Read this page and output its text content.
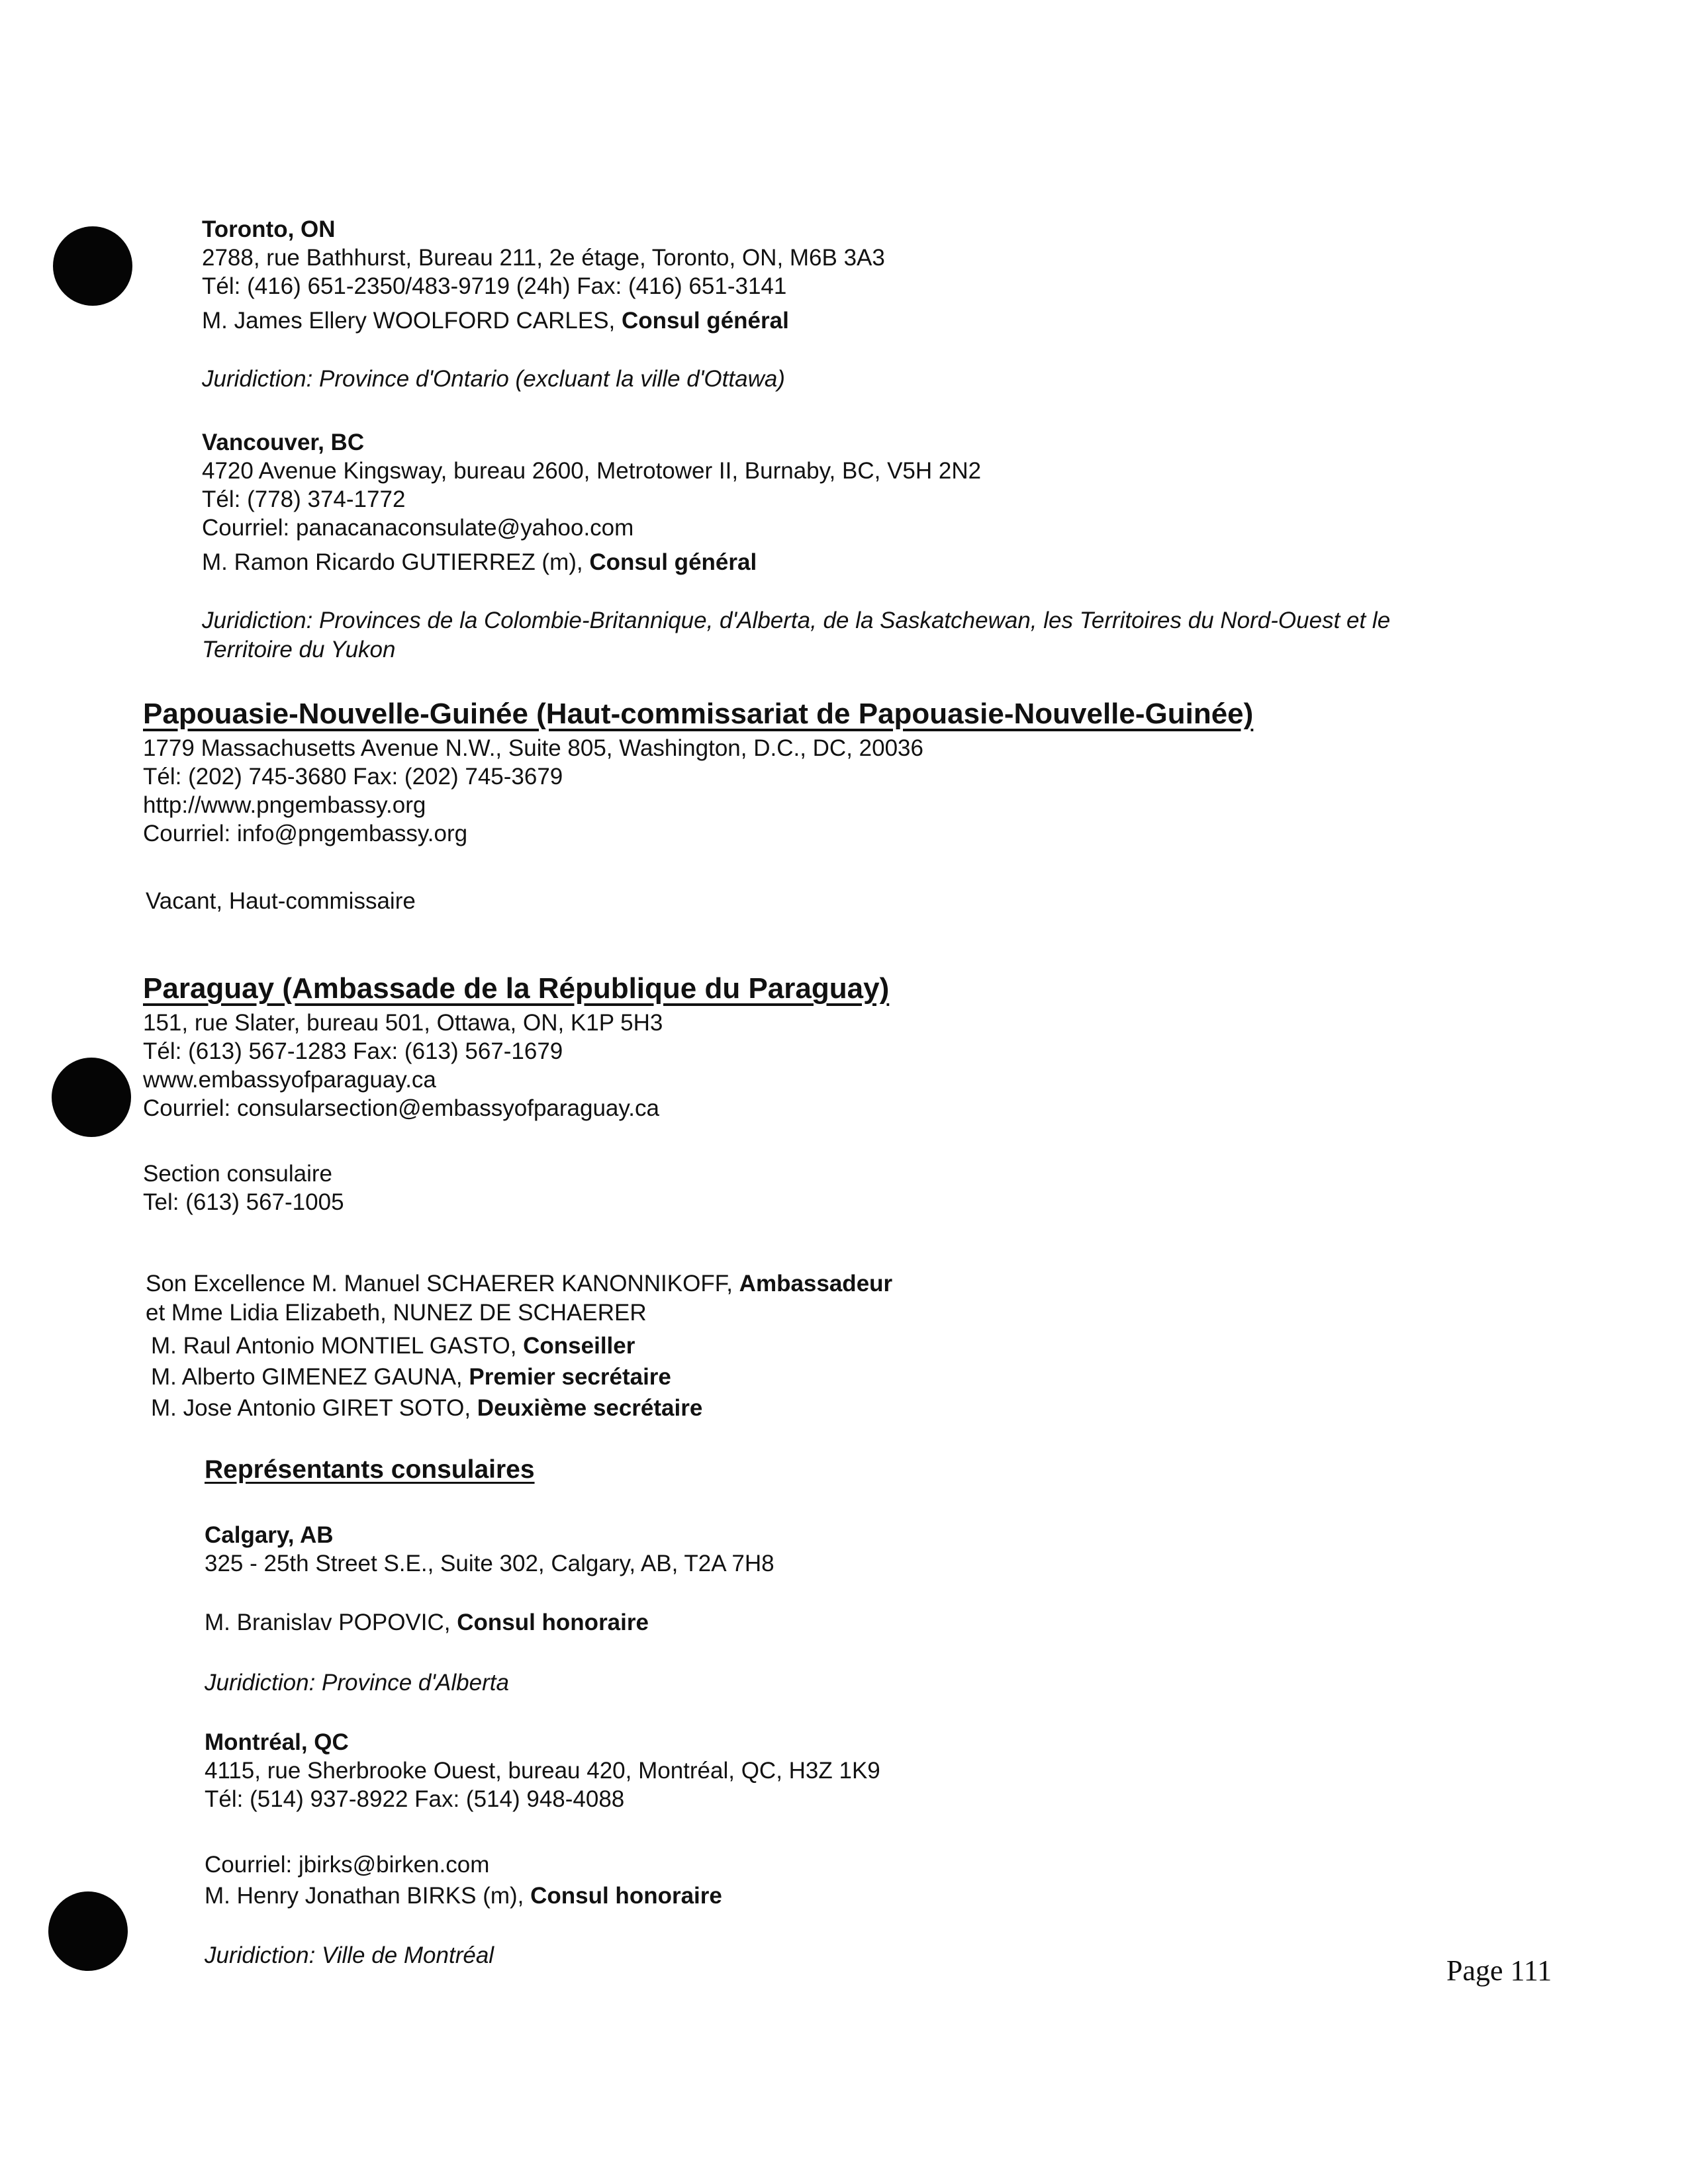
Toronto, ON
2788, rue Bathhurst, Bureau 211, 2e étage, Toronto, ON, M6B 3A3
Tél: (416) 651-2350/483-9719 (24h) Fax: (416) 651-3141
M. James Ellery WOOLFORD CARLES, Consul général
Juridiction: Province d'Ontario (excluant la ville d'Ottawa)
Vancouver, BC
4720 Avenue Kingsway, bureau 2600, Metrotower II, Burnaby, BC, V5H 2N2
Tél: (778) 374-1772
Courriel: panacanaconsulate@yahoo.com
M. Ramon Ricardo GUTIERREZ (m), Consul général
Juridiction: Provinces de la Colombie-Britannique, d'Alberta, de la Saskatchewan, les Territoires du Nord-Ouest et le
Territoire du Yukon
Papouasie-Nouvelle-Guinée (Haut-commissariat de Papouasie-Nouvelle-Guinée)
1779 Massachusetts Avenue N.W., Suite 805, Washington, D.C., DC, 20036
Tél: (202) 745-3680 Fax: (202) 745-3679
http://www.pngembassy.org
Courriel: info@pngembassy.org
Vacant, Haut-commissaire
Paraguay (Ambassade de la République du Paraguay)
151, rue Slater, bureau 501, Ottawa, ON, K1P 5H3
Tél: (613) 567-1283 Fax: (613) 567-1679
www.embassyofparaguay.ca
Courriel: consularsection@embassyofparaguay.ca
Section consulaire
Tel: (613) 567-1005
Son Excellence M. Manuel SCHAERER KANONNIKOFF, Ambassadeur
et Mme Lidia Elizabeth, NUNEZ DE SCHAERER
M. Raul Antonio MONTIEL GASTO, Conseiller
M. Alberto GIMENEZ GAUNA, Premier secrétaire
M. Jose Antonio GIRET SOTO, Deuxième secrétaire
Représentants consulaires
Calgary, AB
325 - 25th Street S.E., Suite 302, Calgary, AB, T2A 7H8
M. Branislav POPOVIC, Consul honoraire
Juridiction: Province d'Alberta
Montréal, QC
4115, rue Sherbrooke Ouest, bureau 420, Montréal, QC, H3Z 1K9
Tél: (514) 937-8922 Fax: (514) 948-4088
Courriel: jbirks@birken.com
M. Henry Jonathan BIRKS (m), Consul honoraire
Juridiction: Ville de Montréal	Page 111
